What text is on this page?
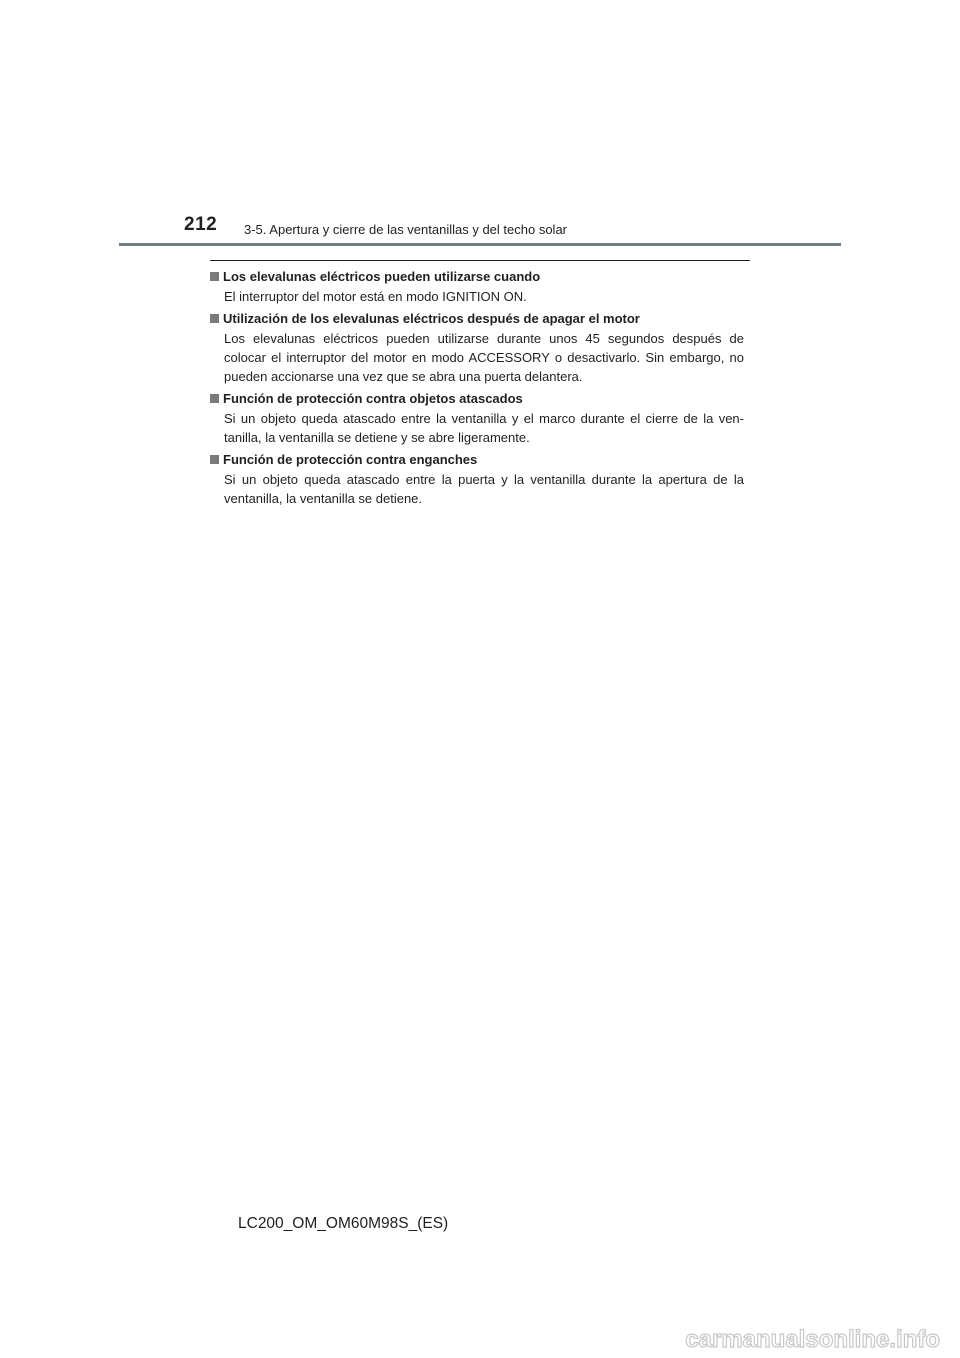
212 3-5. Apertura y cierre de las ventanillas y del techo solar
Los elevalunas eléctricos pueden utilizarse cuando
El interruptor del motor está en modo IGNITION ON.
Utilización de los elevalunas eléctricos después de apagar el motor
Los elevalunas eléctricos pueden utilizarse durante unos 45 segundos después de colocar el interruptor del motor en modo ACCESSORY o desactivarlo. Sin embargo, no pueden accionarse una vez que se abra una puerta delantera.
Función de protección contra objetos atascados
Si un objeto queda atascado entre la ventanilla y el marco durante el cierre de la ven-tanilla, la ventanilla se detiene y se abre ligeramente.
Función de protección contra enganches
Si un objeto queda atascado entre la puerta y la ventanilla durante la apertura de la ventanilla, la ventanilla se detiene.
LC200_OM_OM60M98S_(ES)
carmanualsonline.info
